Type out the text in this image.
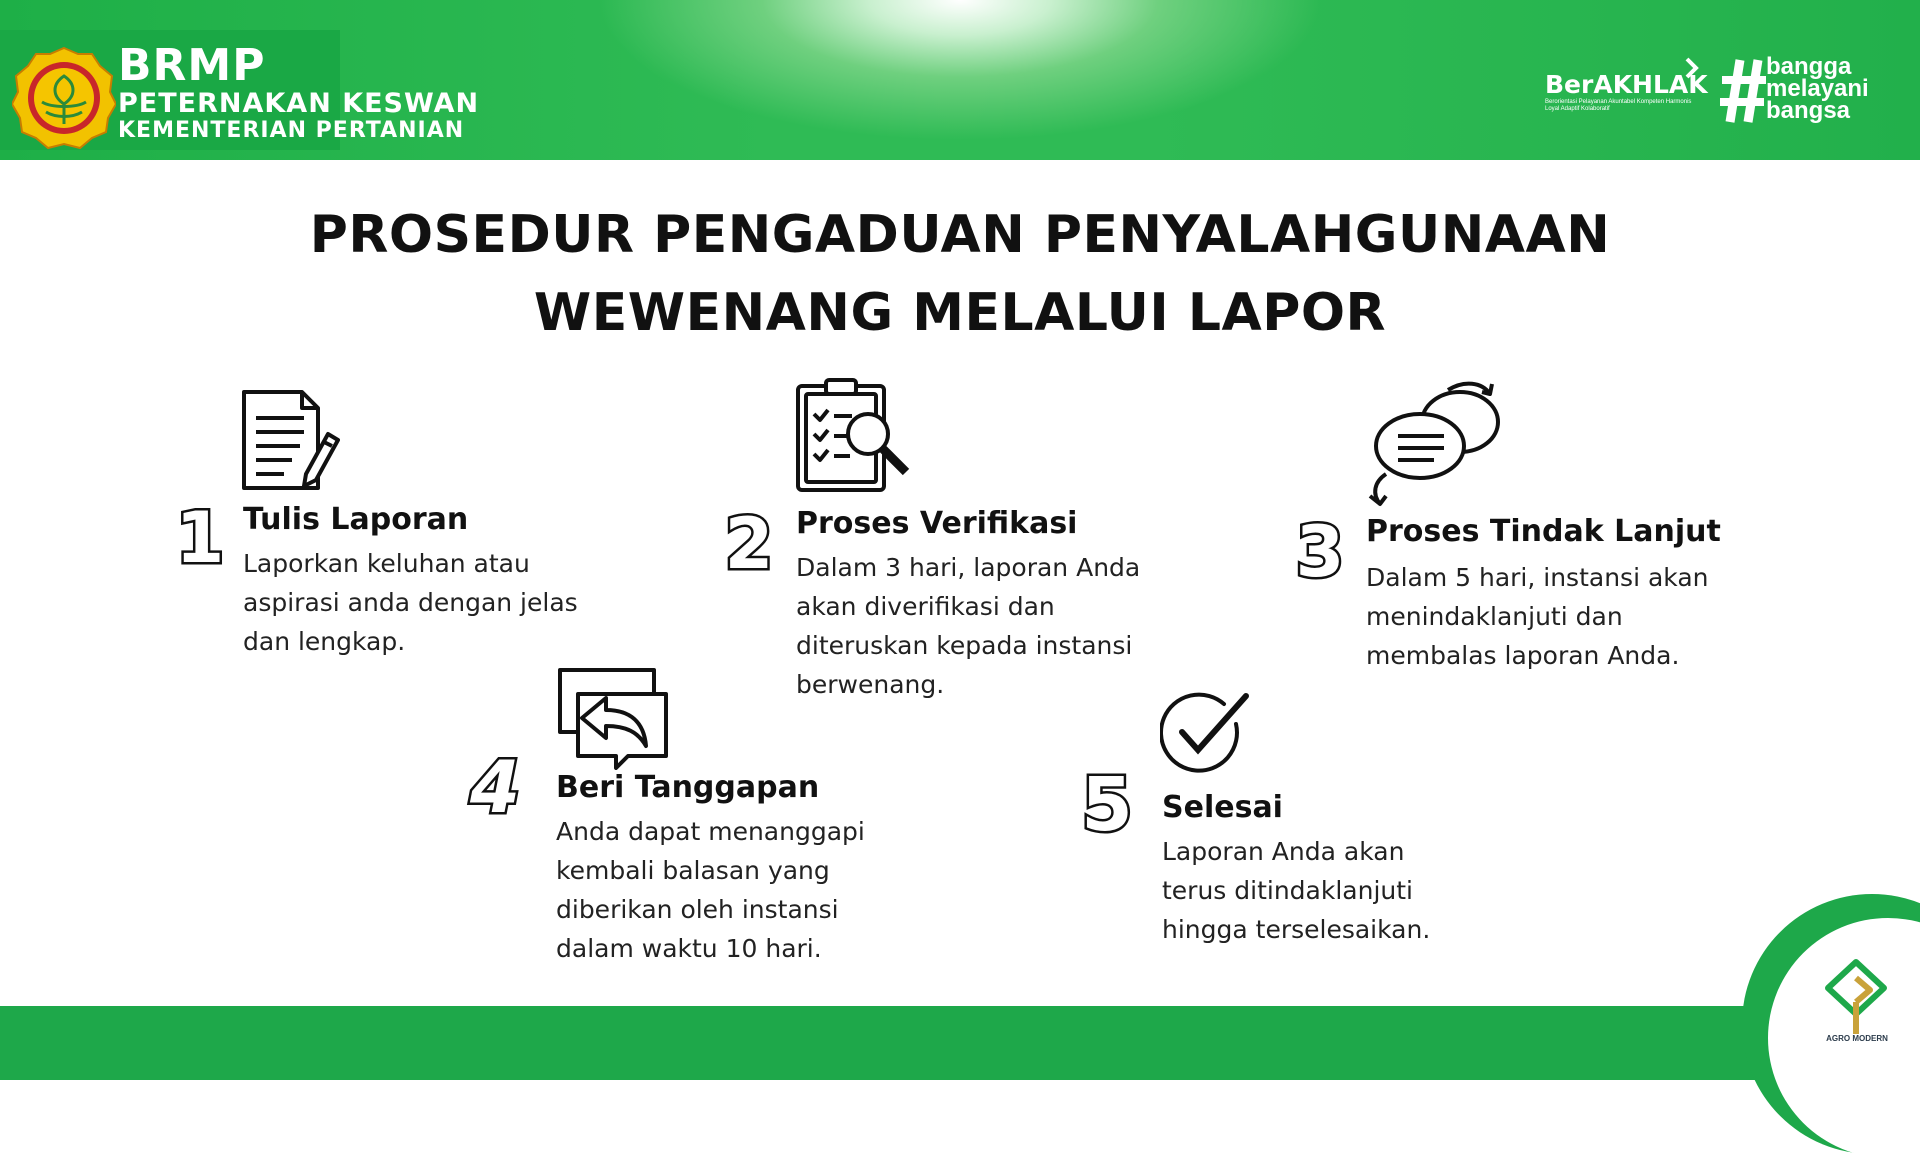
BRMP
PETERNAKAN KESWAN
KEMENTERIAN PERTANIAN
BerAKHLAK
Berorientasi Pelayanan Akuntabel Kompeten Harmonis Loyal Adaptif Kolaboratif
bangga
melayani
bangsa
PROSEDUR PENGADUAN PENYALAHGUNAAN
WEWENANG MELALUI LAPOR
1 Tulis Laporan
Laporkan keluhan atau
aspirasi anda dengan jelas
dan lengkap.
2 Proses Verifikasi
Dalam 3 hari, laporan Anda
akan diverifikasi dan
diteruskan kepada instansi
berwenang.
3 Proses Tindak Lanjut
Dalam 5 hari, instansi akan
menindaklanjuti dan
membalas laporan Anda.
4 Beri Tanggapan
Anda dapat menanggapi
kembali balasan yang
diberikan oleh instansi
dalam waktu 10 hari.
5 Selesai
Laporan Anda akan
terus ditindaklanjuti
hingga terselesaikan.
AGRO MODERN
